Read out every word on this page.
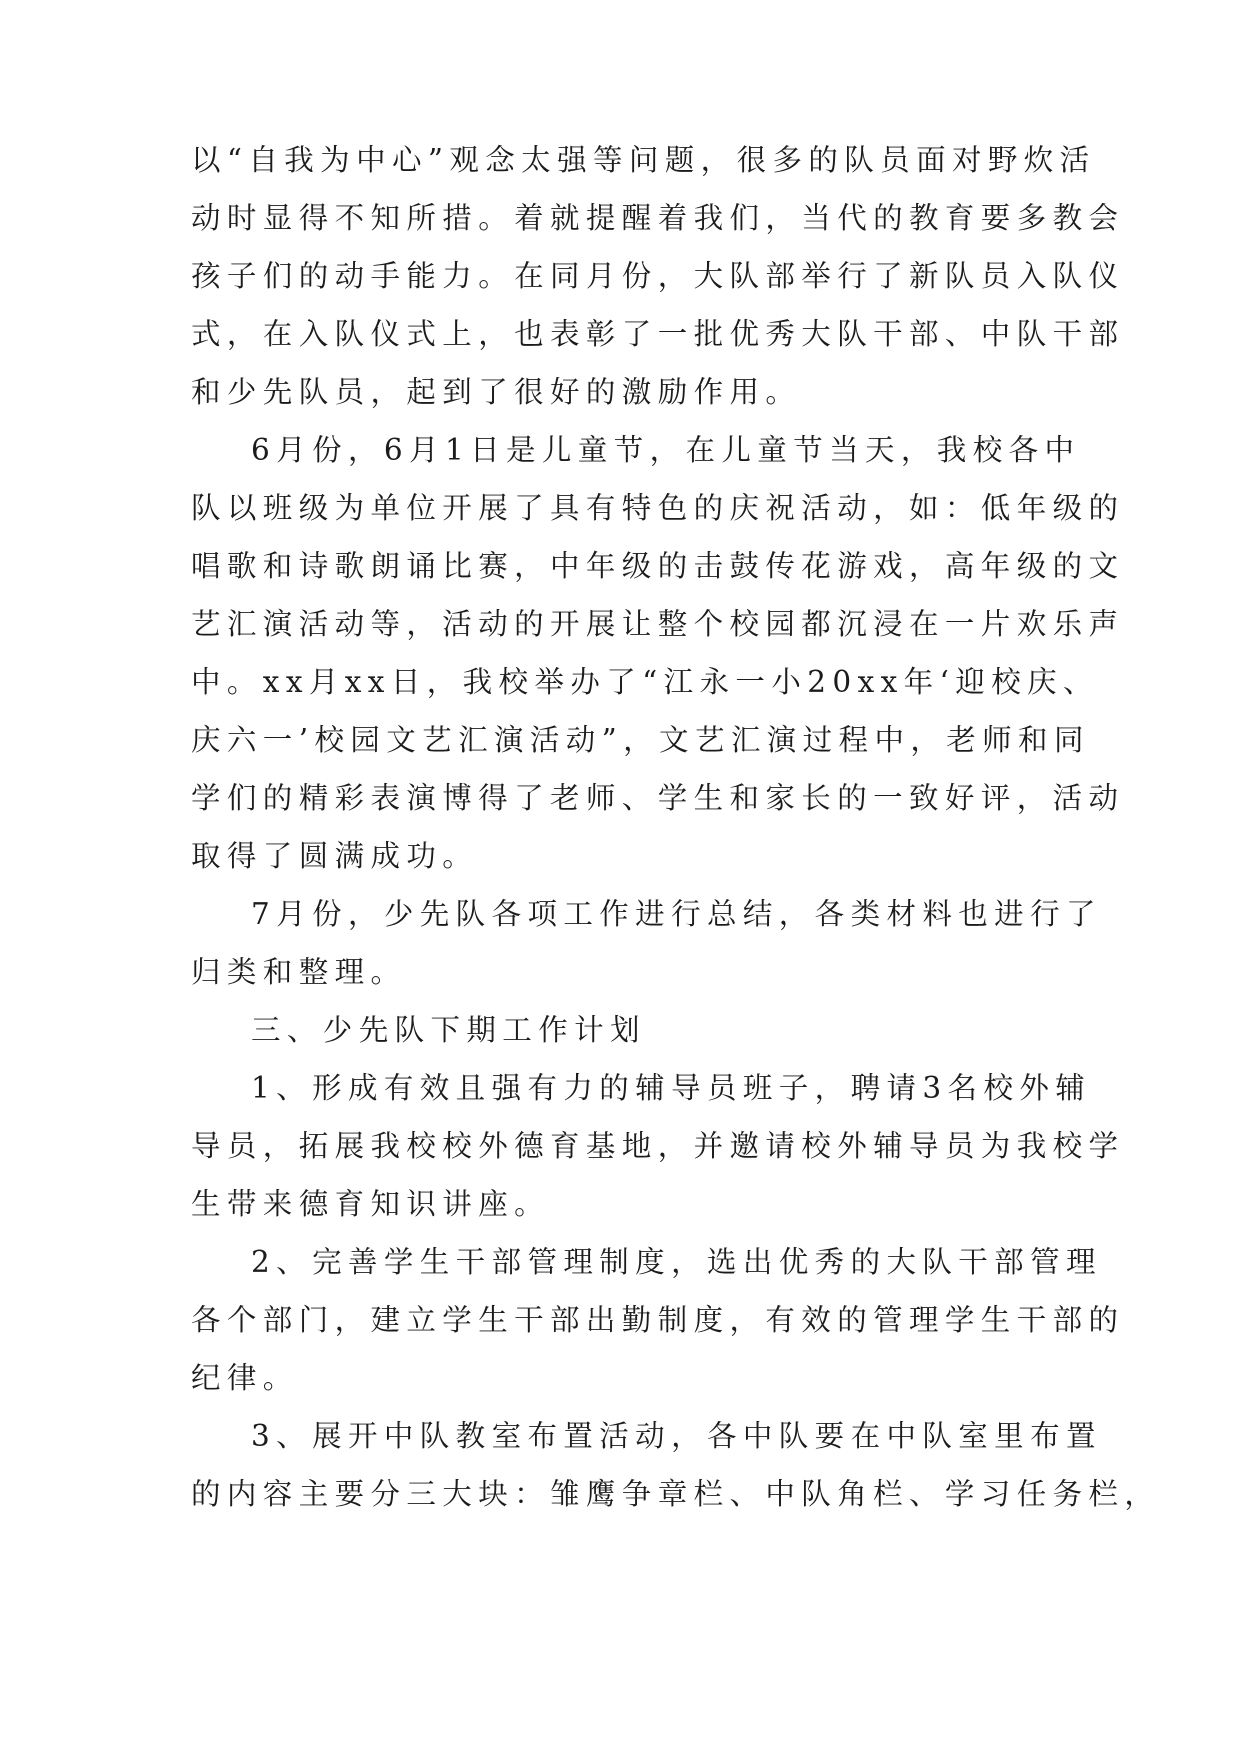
以“自我为中心”观念太强等问题，很多的队员面对野炊活
动时显得不知所措。着就提醒着我们，当代的教育要多教会
孩子们的动手能力。在同月份，大队部举行了新队员入队仪
式，在入队仪式上，也表彰了一批优秀大队干部、中队干部
和少先队员，起到了很好的激励作用。
6月份，6月1日是儿童节，在儿童节当天，我校各中
队以班级为单位开展了具有特色的庆祝活动，如：低年级的
唱歌和诗歌朗诵比赛，中年级的击鼓传花游戏，高年级的文
艺汇演活动等，活动的开展让整个校园都沉浸在一片欢乐声
中。xx月xx日，我校举办了“江永一小20xx年‘迎校庆、
庆六一’校园文艺汇演活动”，文艺汇演过程中，老师和同
学们的精彩表演博得了老师、学生和家长的一致好评，活动
取得了圆满成功。
7月份，少先队各项工作进行总结，各类材料也进行了
归类和整理。
三、少先队下期工作计划
1、形成有效且强有力的辅导员班子，聘请3名校外辅
导员，拓展我校校外德育基地，并邀请校外辅导员为我校学
生带来德育知识讲座。
2、完善学生干部管理制度，选出优秀的大队干部管理
各个部门，建立学生干部出勤制度，有效的管理学生干部的
纪律。
3、展开中队教室布置活动，各中队要在中队室里布置
的内容主要分三大块：雏鹰争章栏、中队角栏、学习任务栏，
